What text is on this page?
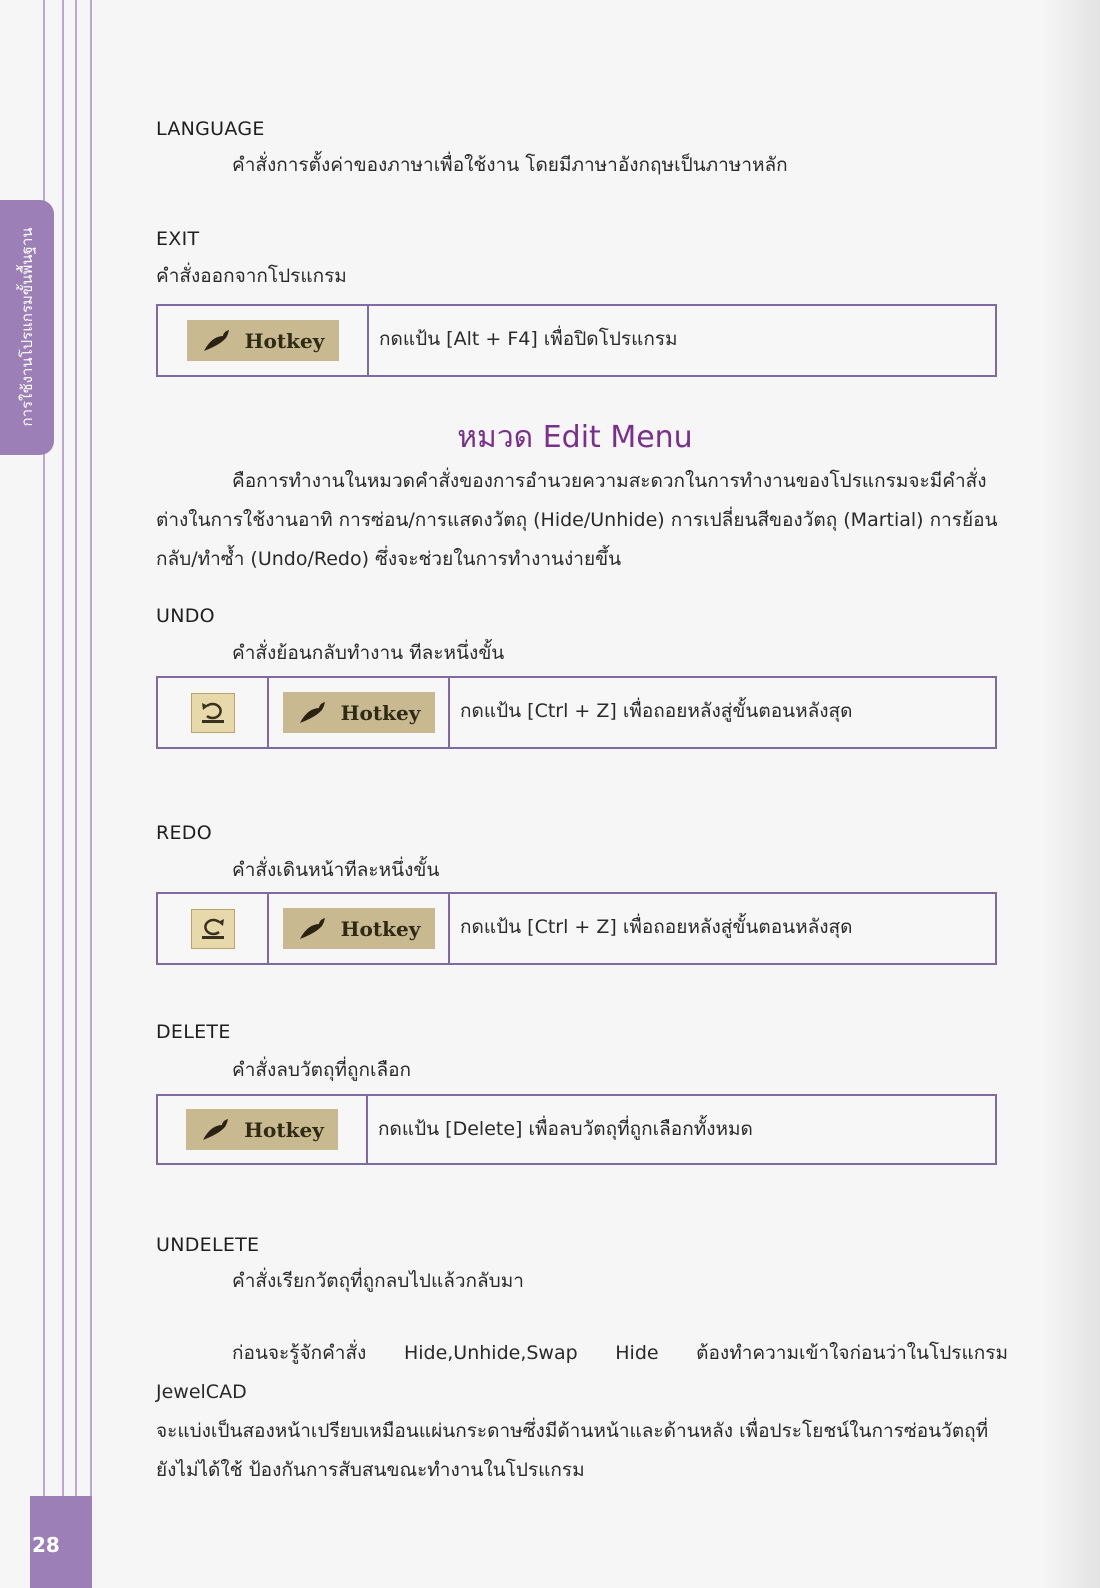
การใช้งานโปรแกรมขั้นพื้นฐาน
28
LANGUAGE
คำสั่งการตั้งค่าของภาษาเพื่อใช้งาน โดยมีภาษาอังกฤษเป็นภาษาหลัก
EXIT
คำสั่งออกจากโปรแกรม
Hotkey	กดแป้น [Alt + F4] เพื่อปิดโปรแกรม
หมวด Edit Menu
คือการทำงานในหมวดคำสั่งของการอำนวยความสะดวกในการทำงานของโปรแกรมจะมีคำสั่ง
ต่างในการใช้งานอาทิ การซ่อน/การแสดงวัตถุ (Hide/Unhide) การเปลี่ยนสีของวัตถุ (Martial) การย้อน
กลับ/ทำซ้ำ (Undo/Redo) ซึ่งจะช่วยในการทำงานง่ายขึ้น
UNDO
คำสั่งย้อนกลับทำงาน ทีละหนึ่งขั้น
Hotkey	กดแป้น [Ctrl + Z] เพื่อถอยหลังสู่ขั้นตอนหลังสุด
REDO
คำสั่งเดินหน้าทีละหนึ่งขั้น
Hotkey	กดแป้น [Ctrl + Z] เพื่อถอยหลังสู่ขั้นตอนหลังสุด
DELETE
คำสั่งลบวัตถุที่ถูกเลือก
Hotkey	กดแป้น [Delete] เพื่อลบวัตถุที่ถูกเลือกทั้งหมด
UNDELETE
คำสั่งเรียกวัตถุที่ถูกลบไปแล้วกลับมา
ก่อนจะรู้จักคำสั่ง Hide,Unhide,Swap Hide ต้องทำความเข้าใจก่อนว่าในโปรแกรม JewelCAD
จะแบ่งเป็นสองหน้าเปรียบเหมือนแผ่นกระดาษซึ่งมีด้านหน้าและด้านหลัง เพื่อประโยชน์ในการซ่อนวัตถุที่
ยังไม่ได้ใช้ ป้องกันการสับสนขณะทำงานในโปรแกรม
